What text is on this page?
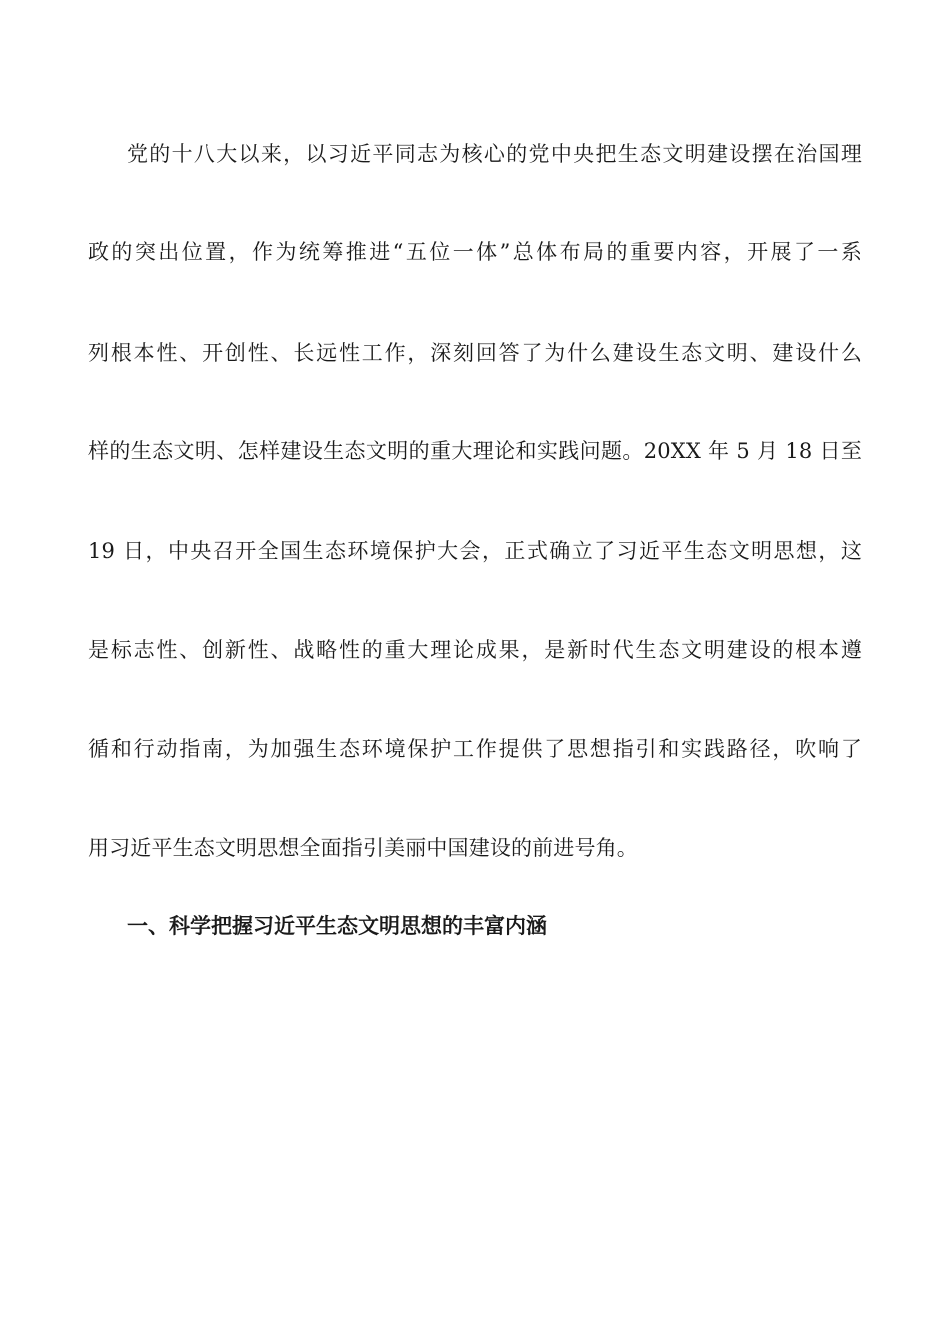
党的十八大以来，以习近平同志为核心的党中央把生态文明建设摆在治国理
政的突出位置，作为统筹推进“五位一体”总体布局的重要内容，开展了一系
列根本性、开创性、长远性工作，深刻回答了为什么建设生态文明、建设什么
样的生态文明、怎样建设生态文明的重大理论和实践问题。20XX 年 5 月 18 日至
19 日，中央召开全国生态环境保护大会，正式确立了习近平生态文明思想，这
是标志性、创新性、战略性的重大理论成果，是新时代生态文明建设的根本遵
循和行动指南，为加强生态环境保护工作提供了思想指引和实践路径，吹响了
用习近平生态文明思想全面指引美丽中国建设的前进号角。
一、科学把握习近平生态文明思想的丰富内涵
